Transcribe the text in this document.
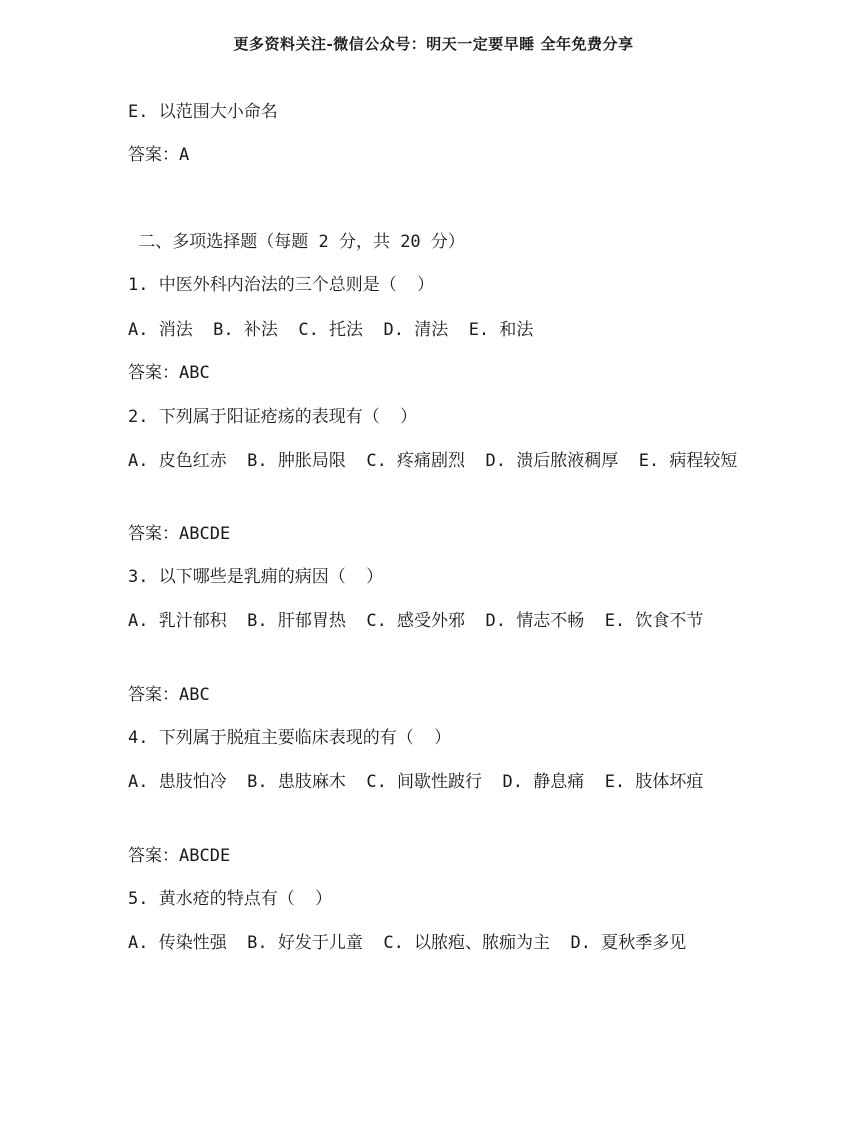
更多资料关注-微信公众号：明天一定要早睡 全年免费分享
E. 以范围大小命名
答案：A
二、多项选择题（每题 2 分，共 20 分）
1. 中医外科内治法的三个总则是（  ）
A. 消法  B. 补法  C. 托法  D. 清法  E. 和法
答案：ABC
2. 下列属于阳证疮疡的表现有（  ）
A. 皮色红赤  B. 肿胀局限  C. 疼痛剧烈  D. 溃后脓液稠厚  E. 病程较短
答案：ABCDE
3. 以下哪些是乳痈的病因（  ）
A. 乳汁郁积  B. 肝郁胃热  C. 感受外邪  D. 情志不畅  E. 饮食不节
答案：ABC
4. 下列属于脱疽主要临床表现的有（  ）
A. 患肢怕冷  B. 患肢麻木  C. 间歇性跛行  D. 静息痛  E. 肢体坏疽
答案：ABCDE
5. 黄水疮的特点有（  ）
A. 传染性强  B. 好发于儿童  C. 以脓疱、脓痂为主  D. 夏秋季多见
